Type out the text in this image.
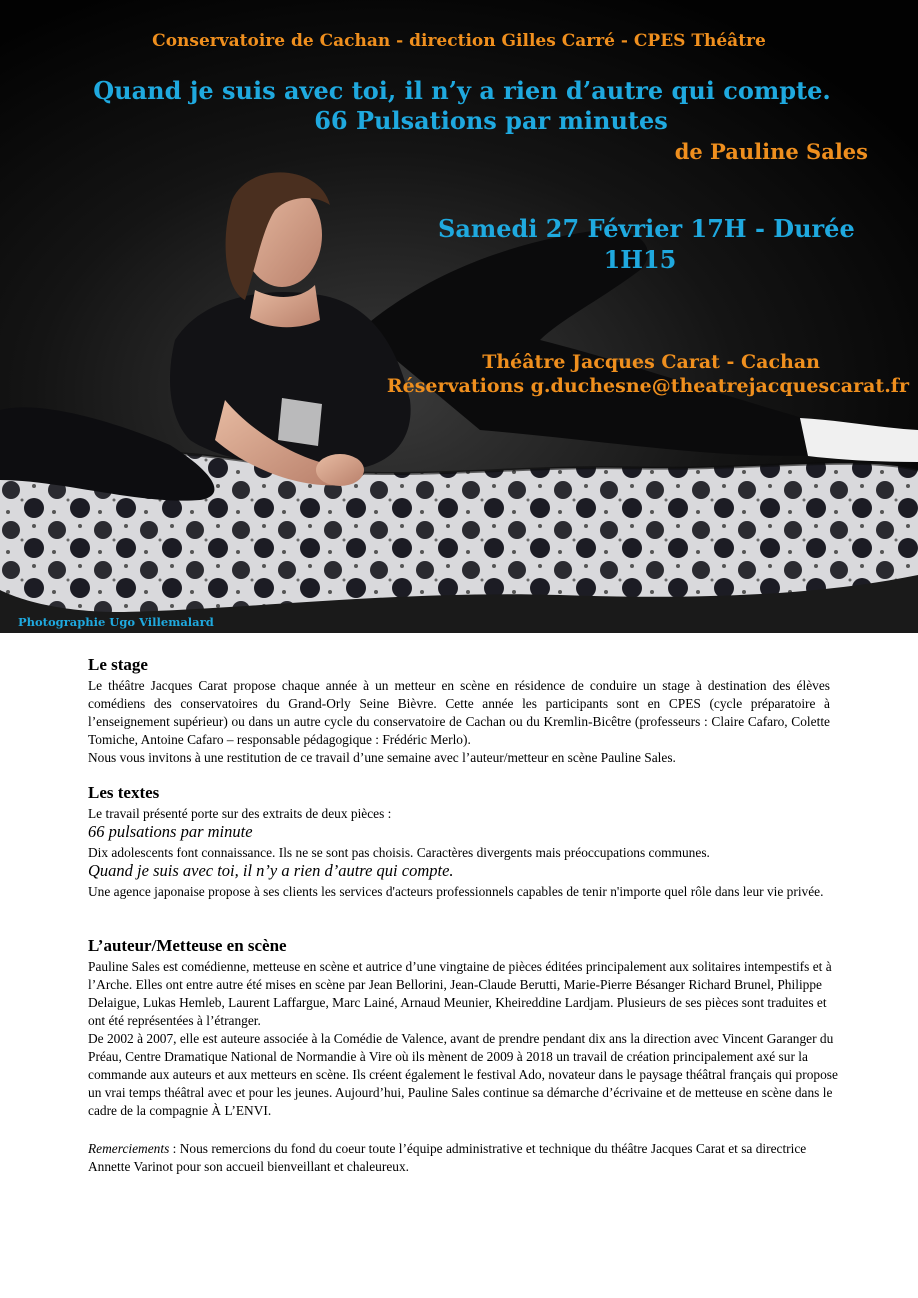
Conservatoire de Cachan - direction Gilles Carré - CPES Théâtre
Quand je suis avec toi, il n’y a rien d’autre qui compte.
66 Pulsations par minutes
de Pauline Sales
Samedi 27 Février 17H - Durée
1H15
Théâtre Jacques Carat - Cachan
Réservations g.duchesne@theatrejacquescarat.fr
Photographie Ugo Villemalard
Le stage
Le théâtre Jacques Carat propose chaque année à un metteur en scène en résidence de conduire un stage à destination des élèves comédiens des conservatoires du Grand-Orly Seine Bièvre. Cette année les participants sont en CPES (cycle préparatoire à l’enseignement supérieur) ou dans un autre cycle du conservatoire de Cachan ou du Kremlin-Bicêtre (professeurs : Claire Cafaro, Colette Tomiche, Antoine Cafaro – responsable pédagogique : Frédéric Merlo).
Nous vous invitons à une restitution de ce travail d’une semaine avec l’auteur/metteur en scène Pauline Sales.
Les textes
Le travail présenté porte sur des extraits de deux pièces :
66 pulsations par minute
Dix adolescents font connaissance. Ils ne se sont pas choisis. Caractères divergents mais préoccupations communes.
Quand je suis avec toi, il n’y a rien d’autre qui compte.
Une agence japonaise propose à ses clients les services d'acteurs professionnels capables de tenir n'importe quel rôle dans leur vie privée.
L’auteur/Metteuse en scène
Pauline Sales est comédienne, metteuse en scène et autrice d’une vingtaine de pièces éditées principalement aux solitaires intempestifs et à l’Arche. Elles ont entre autre été mises en scène par Jean Bellorini, Jean-Claude Berutti, Marie-Pierre Bésanger Richard Brunel, Philippe Delaigue, Lukas Hemleb, Laurent Laffargue, Marc Lainé, Arnaud Meunier, Kheireddine Lardjam. Plusieurs de ses pièces sont traduites et ont été représentées à l’étranger.
De 2002 à 2007, elle est auteure associée à la Comédie de Valence, avant de prendre pendant dix ans la direction avec Vincent Garanger du Préau, Centre Dramatique National de Normandie à Vire où ils mènent de 2009 à 2018 un travail de création principalement axé sur la commande aux auteurs et aux metteurs en scène. Ils créent également le festival Ado, novateur dans le paysage théâtral français qui propose un vrai temps théâtral avec et pour les jeunes. Aujourd’hui, Pauline Sales continue sa démarche d’écrivaine et de metteuse en scène dans le cadre de la compagnie À L’ENVI.
Remerciements : Nous remercions du fond du coeur toute l’équipe administrative et technique du théâtre Jacques Carat et sa directrice Annette Varinot pour son accueil bienveillant et chaleureux.
